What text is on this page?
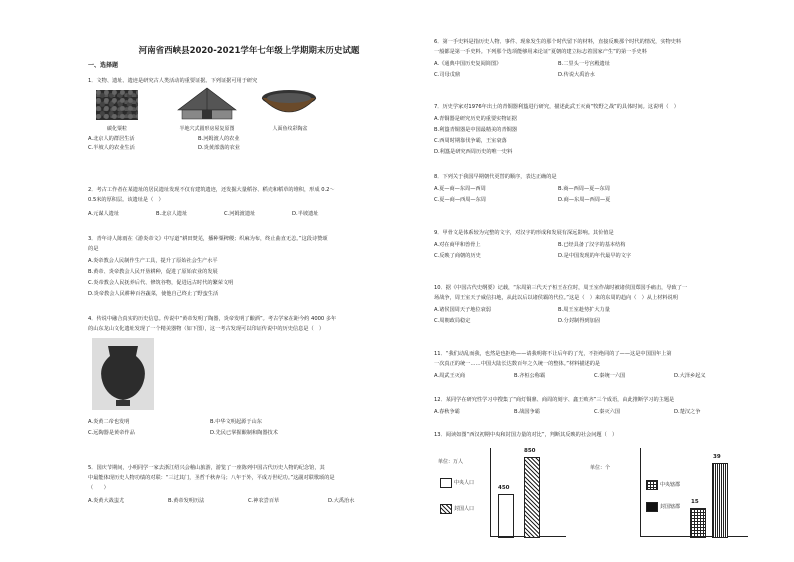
河南省西峡县2020-2021学年七年级上学期期末历史试题
一、选择题
1．文物、遗址、遗迹是研究古人类活动的重要证据。下列证据可用于研究
碳化粟粒	半地穴式圆形房屋复原图	人面鱼纹彩陶盆
A.北京人的群居生活	B.河姆渡人的农业
C.半坡人的农业生活	D.炎黄部落的农业
2．考古工作者在某遗址的居民遗址发现不仅有建筑遗迹，还发掘大量稻谷、稻壳和稻草的堆积，形成 0.2～
0.5米的厚积层。该遗址是（　）
A.元谋人遗址	B.北京人遗址	C.河姆渡遗址	D.半坡遗址
3．青年诗人陈雨在《游炎帝文》中写道“耕田焚芜，播种粟稗稷；织麻为布，终止曲直无恙。”这段诗赞颂
的是
A.炎帝教会人民制作生产工具，提升了原始社会生产水平
B.黄帝、炎帝教会人民开垦耕种，促进了原始农业的发展
C.炎帝教会人民抚养后代、修筑谷物，促进远古时代的繁荣文明
D.炎帝教会人民耕种百谷蔬菜，使他自己终止了野蛮生活
4．传说中融合真实的历史信息。传说中“黄帝发明了陶器，炎帝发明了酿酒”。考古学家在距今约 4000 多年
的山东龙山文化遗址发现了一个精美器物（如下图），这一考古发现可以印证传说中的历史信息是（　）
A.炎黄二帝也发明	B.中华文明起源于山东
C.远陶器是黄帝作品	D.先民已掌握酿制和陶器技术
5．国庆节期间，小明同学一家去浙江绍兴会稽山旅游，游览了一座陈列中国古代历史人物的纪念馆，其
中最能体现历史人物功绩的对联：“三过其门，圣哲千秋奔马；八年于外，平成万世纪功。”这副对联歌颂的是
（　　）
A.炎黄大战蚩尤	B.黄帝发明历法	C.神农尝百草	D.大禹治水
6．第一手史料是指历史人物、事件、现象发生的那个时代留下的材料，直接反映那个时代的情况，实物史料
一般都是第一手史料。下列那个选项能够用来论证“夏朝的建立标志着国家产生”的第一手史料
A.《通典中国历史复阅简图》	B.二里头一号宫殿遗址
C.司母戊鼎	D.传说大禹治水
7．历史学家对1976年出土的青铜器利簋进行研究，描述此武王灭商“牧野之战”的具体时间。这说明（　）
A.青铜器是研究历史的重要实物证据
B.利簋青铜器是中国最精美的青铜器
C.西周时期靠伐争霸，王室衰落
D.利簋是研究西周历史的唯一史料
8．下列关于我国早期朝代更替的顺序，表达正确的是
A.夏—商—东周—西周	B.商—西周—夏—东周
C.夏—商—西周—东周	D.商—东周—西周—夏
9．甲骨文是体系较为完整的文字，对汉字的形成和发展有深远影响。其价值是
A.对在商甲和兽骨上	B.已经具备了汉字的基本结构
C.反映了商朝的历史	D.是中国发现的年代最早的文字
10．据《中国古代史纲要》记载，“东周第三代天子桓王在位时，周王室作战时被诸侯国郑国手痛击，导致了一
场战争，周王室天子威信扫地，从此以后以诸侯霸的代位。”这是（　）来的东周的趋向（　）从上材料说明
A.诸侯国周天子地位衰弱	B.周王室趁势扩大力量
C.周朝政局稳定	D.分封制得到加固
11．“我们动乱而我，也然是也拒绝——请我明将不让后年的了光，不拒绝同的了——这是中国国年上第
一次真正的统一……中国大陆长达数百年之久统一的整体。”材料描述的是
A.周武王灭商	B.齐桓公称霸	C.秦统一六国	D.大泽乡起义
12．某同学在研究性学习中搜集了“商灯铜鼎、商周的刻字、鑫王败齐”三个成语，由此推断学习的主题是
A.春秋争霸	B.战国争霸	C.秦灭六国	D.楚汉之争
13．阅读如图“西汉初期中央和封国力量的对比”，判断其反映的社会问题（　）
单位：万人
中央人口
封国人口
450
850
单位：个
中央辖郡
封国辖郡
15
39
